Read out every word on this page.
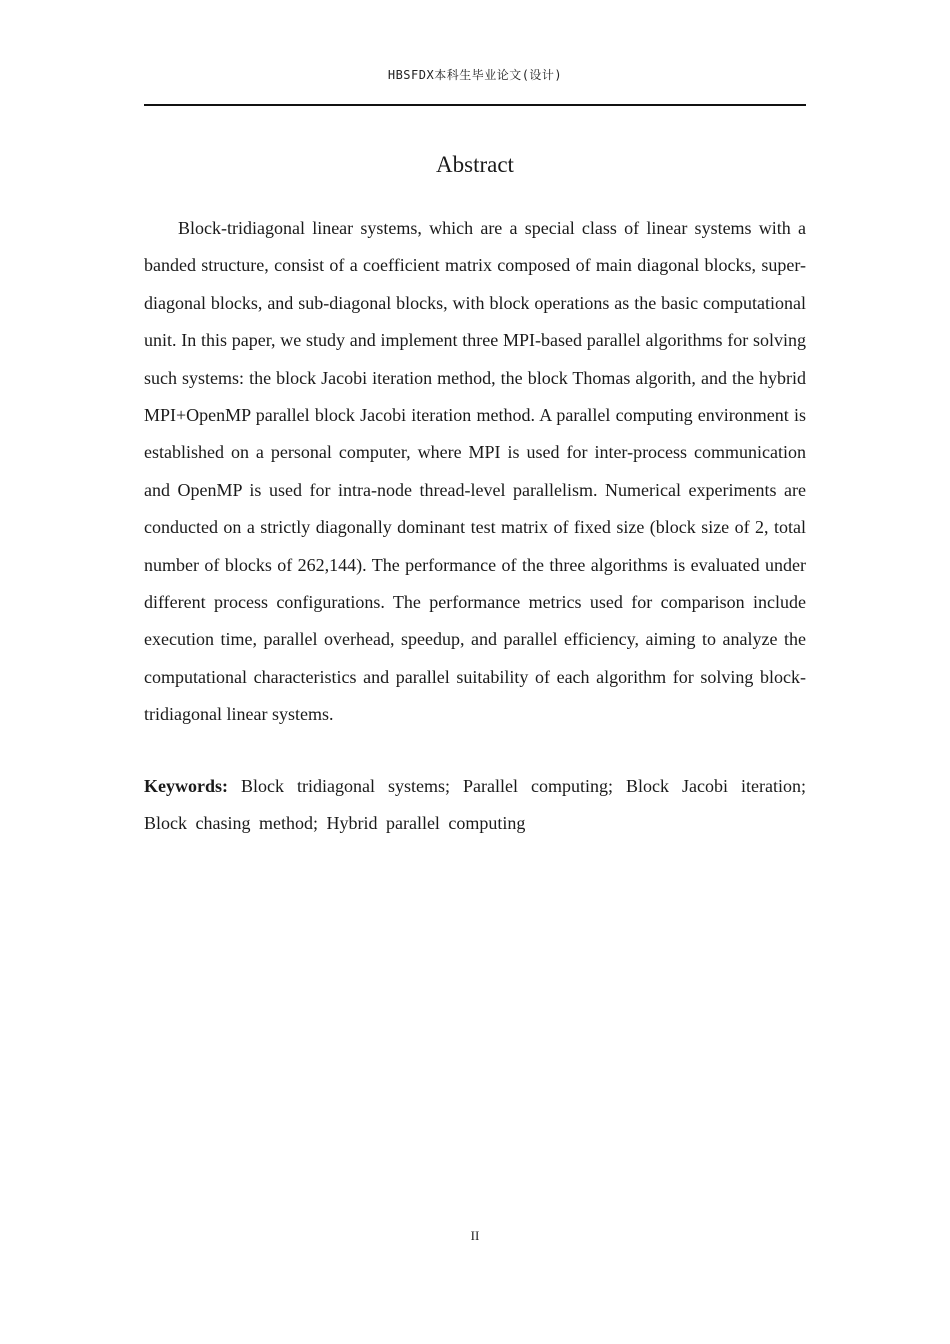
HBSFDX本科生毕业论文(设计)
Abstract

Block-tridiagonal linear systems, which are a special class of linear systems with a banded structure, consist of a coefficient matrix composed of main diagonal blocks, super-diagonal blocks, and sub-diagonal blocks, with block operations as the basic computational unit. In this paper, we study and implement three MPI-based parallel algorithms for solving such systems: the block Jacobi iteration method, the block Thomas algorith, and the hybrid MPI+OpenMP parallel block Jacobi iteration method. A parallel computing environment is established on a personal computer, where MPI is used for inter-process communication and OpenMP is used for intra-node thread-level parallelism. Numerical experiments are conducted on a strictly diagonally dominant test matrix of fixed size (block size of 2, total number of blocks of 262,144). The performance of the three algorithms is evaluated under different process configurations. The performance metrics used for comparison include execution time, parallel overhead, speedup, and parallel efficiency, aiming to analyze the computational characteristics and parallel suitability of each algorithm for solving block-tridiagonal linear systems.

Keywords: Block tridiagonal systems; Parallel computing; Block Jacobi iteration; Block chasing method; Hybrid parallel computing

II
